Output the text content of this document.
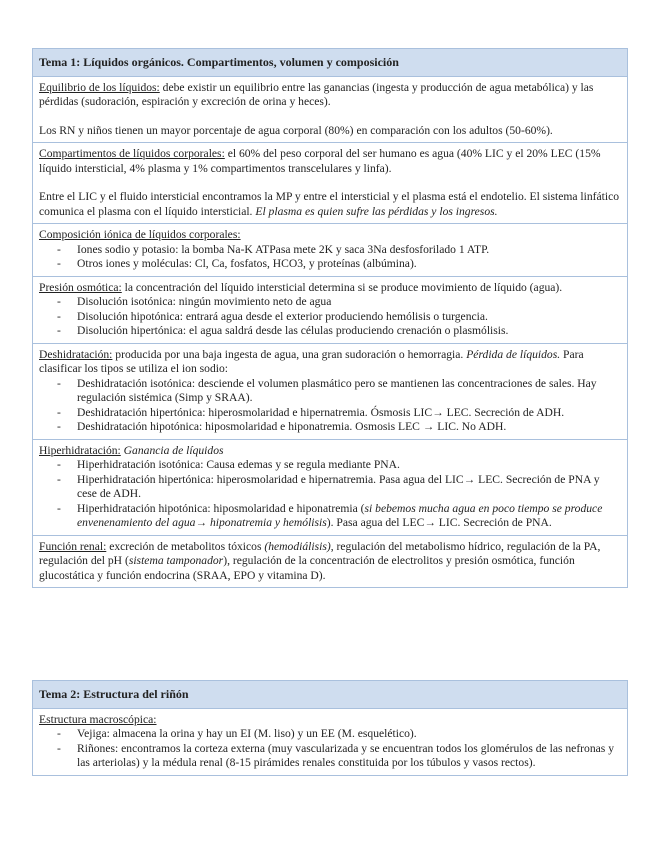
Tema 1: Líquidos orgánicos. Compartimentos, volumen y composición

Equilibrio de los líquidos: debe existir un equilibrio entre las ganancias (ingesta y producción de agua metabólica) y las pérdidas (sudoración, espiración y excreción de orina y heces).

Los RN y niños tienen un mayor porcentaje de agua corporal (80%) en comparación con los adultos (50-60%).

Compartimentos de líquidos corporales: el 60% del peso corporal del ser humano es agua (40% LIC y el 20% LEC (15% líquido intersticial, 4% plasma y 1% compartimentos transcelulares y linfa).

Entre el LIC y el fluido intersticial encontramos la MP y entre el intersticial y el plasma está el endotelio. El sistema linfático comunica el plasma con el líquido intersticial. El plasma es quien sufre las pérdidas y los ingresos.

Composición iónica de líquidos corporales:

- Iones sodio y potasio: la bomba Na-K ATPasa mete 2K y saca 3Na desfosforilado 1 ATP.
- Otros iones y moléculas: Cl, Ca, fosfatos, HCO3, y proteínas (albúmina).

Presión osmótica: la concentración del líquido intersticial determina si se produce movimiento de líquido (agua).

- Disolución isotónica: ningún movimiento neto de agua
- Disolución hipotónica: entrará agua desde el exterior produciendo hemólisis o turgencia.
- Disolución hipertónica: el agua saldrá desde las células produciendo crenación o plasmólisis.

Deshidratación: producida por una baja ingesta de agua, una gran sudoración o hemorragia. Pérdida de líquidos. Para clasificar los tipos se utiliza el ion sodio:

- Deshidratación isotónica: desciende el volumen plasmático pero se mantienen las concentraciones de sales. Hay regulación sistémica (Simp y SRAA).
- Deshidratación hipertónica: hiperosmolaridad e hipernatremia. Ósmosis LIC→ LEC. Secreción de ADH.
- Deshidratación hipotónica: hiposmolaridad e hiponatremia. Osmosis LEC → LIC. No ADH.

Hiperhidratación: Ganancia de líquidos

- Hiperhidratación isotónica: Causa edemas y se regula mediante PNA.
- Hiperhidratación hipertónica: hiperosmolaridad e hipernatremia. Pasa agua del LIC→ LEC. Secreción de PNA y cese de ADH.
- Hiperhidratación hipotónica: hiposmolaridad e hiponatremia (si bebemos mucha agua en poco tiempo se produce envenenamiento del agua→ hiponatremia y hemólisis). Pasa agua del LEC→ LIC. Secreción de PNA.

Función renal: excreción de metabolitos tóxicos (hemodiálisis), regulación del metabolismo hídrico, regulación de la PA, regulación del pH (sistema tamponador), regulación de la concentración de electrolitos y presión osmótica, función glucostática y función endocrina (SRAA, EPO y vitamina D).

Tema 2: Estructura del riñón

Estructura macroscópica:

- Vejiga: almacena la orina y hay un EI (M. liso) y un EE (M. esquelético).
- Riñones: encontramos la corteza externa (muy vascularizada y se encuentran todos los glomérulos de las nefronas y las arteriolas) y la médula renal (8-15 pirámides renales constituida por los túbulos y vasos rectos).
